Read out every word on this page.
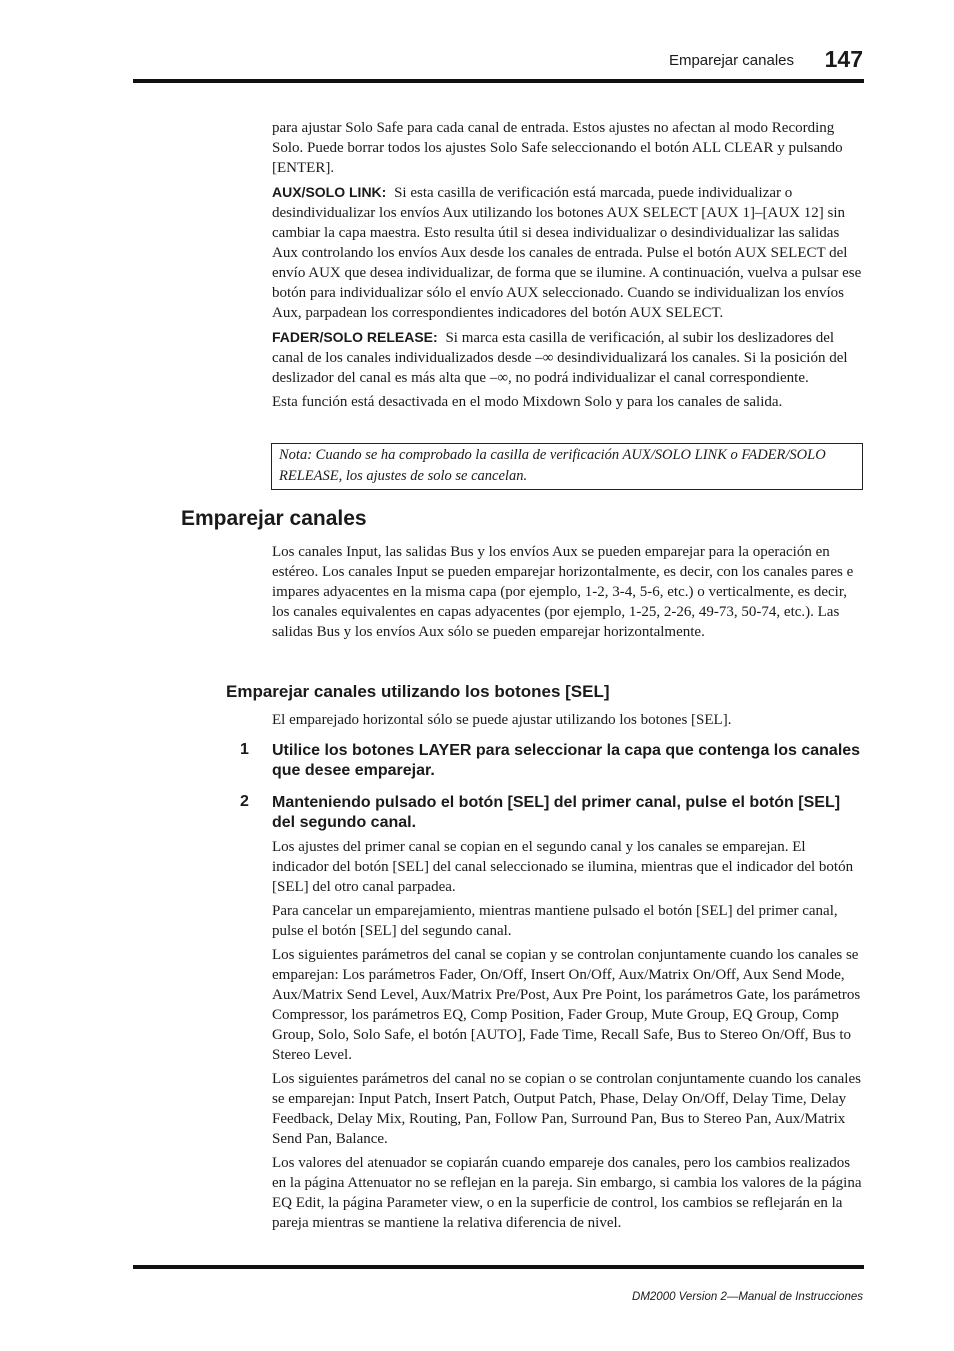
Emparejar canales	147

para ajustar Solo Safe para cada canal de entrada. Estos ajustes no afectan al modo Recording Solo. Puede borrar todos los ajustes Solo Safe seleccionando el botón ALL CLEAR y pulsando [ENTER].

AUX/SOLO LINK: Si esta casilla de verificación está marcada, puede individualizar o desindividualizar los envíos Aux utilizando los botones AUX SELECT [AUX 1]–[AUX 12] sin cambiar la capa maestra. Esto resulta útil si desea individualizar o desindividualizar las salidas Aux controlando los envíos Aux desde los canales de entrada. Pulse el botón AUX SELECT del envío AUX que desea individualizar, de forma que se ilumine. A continuación, vuelva a pulsar ese botón para individualizar sólo el envío AUX seleccionado. Cuando se individualizan los envíos Aux, parpadean los correspondientes indicadores del botón AUX SELECT.

FADER/SOLO RELEASE: Si marca esta casilla de verificación, al subir los deslizadores del canal de los canales individualizados desde –∞ desindividualizará los canales. Si la posición del deslizador del canal es más alta que –∞, no podrá individualizar el canal correspondiente.

Esta función está desactivada en el modo Mixdown Solo y para los canales de salida.

Nota: Cuando se ha comprobado la casilla de verificación AUX/SOLO LINK o FADER/SOLO RELEASE, los ajustes de solo se cancelan.
Emparejar canales

Los canales Input, las salidas Bus y los envíos Aux se pueden emparejar para la operación en estéreo. Los canales Input se pueden emparejar horizontalmente, es decir, con los canales pares e impares adyacentes en la misma capa (por ejemplo, 1-2, 3-4, 5-6, etc.) o verticalmente, es decir, los canales equivalentes en capas adyacentes (por ejemplo, 1-25, 2-26, 49-73, 50-74, etc.). Las salidas Bus y los envíos Aux sólo se pueden emparejar horizontalmente.

Emparejar canales utilizando los botones [SEL]

El emparejado horizontal sólo se puede ajustar utilizando los botones [SEL].

1 Utilice los botones LAYER para seleccionar la capa que contenga los canales que desee emparejar.
2 Manteniendo pulsado el botón [SEL] del primer canal, pulse el botón [SEL] del segundo canal.

Los ajustes del primer canal se copian en el segundo canal y los canales se emparejan. El indicador del botón [SEL] del canal seleccionado se ilumina, mientras que el indicador del botón [SEL] del otro canal parpadea.

Para cancelar un emparejamiento, mientras mantiene pulsado el botón [SEL] del primer canal, pulse el botón [SEL] del segundo canal.

Los siguientes parámetros del canal se copian y se controlan conjuntamente cuando los canales se emparejan: Los parámetros Fader, On/Off, Insert On/Off, Aux/Matrix On/Off, Aux Send Mode, Aux/Matrix Send Level, Aux/Matrix Pre/Post, Aux Pre Point, los parámetros Gate, los parámetros Compressor, los parámetros EQ, Comp Position, Fader Group, Mute Group, EQ Group, Comp Group, Solo, Solo Safe, el botón [AUTO], Fade Time, Recall Safe, Bus to Stereo On/Off, Bus to Stereo Level.

Los siguientes parámetros del canal no se copian o se controlan conjuntamente cuando los canales se emparejan: Input Patch, Insert Patch, Output Patch, Phase, Delay On/Off, Delay Time, Delay Feedback, Delay Mix, Routing, Pan, Follow Pan, Surround Pan, Bus to Stereo Pan, Aux/Matrix Send Pan, Balance.

Los valores del atenuador se copiarán cuando empareje dos canales, pero los cambios realizados en la página Attenuator no se reflejan en la pareja. Sin embargo, si cambia los valores de la página EQ Edit, la página Parameter view, o en la superficie de control, los cambios se reflejarán en la pareja mientras se mantiene la relativa diferencia de nivel.

DM2000 Version 2—Manual de Instrucciones
